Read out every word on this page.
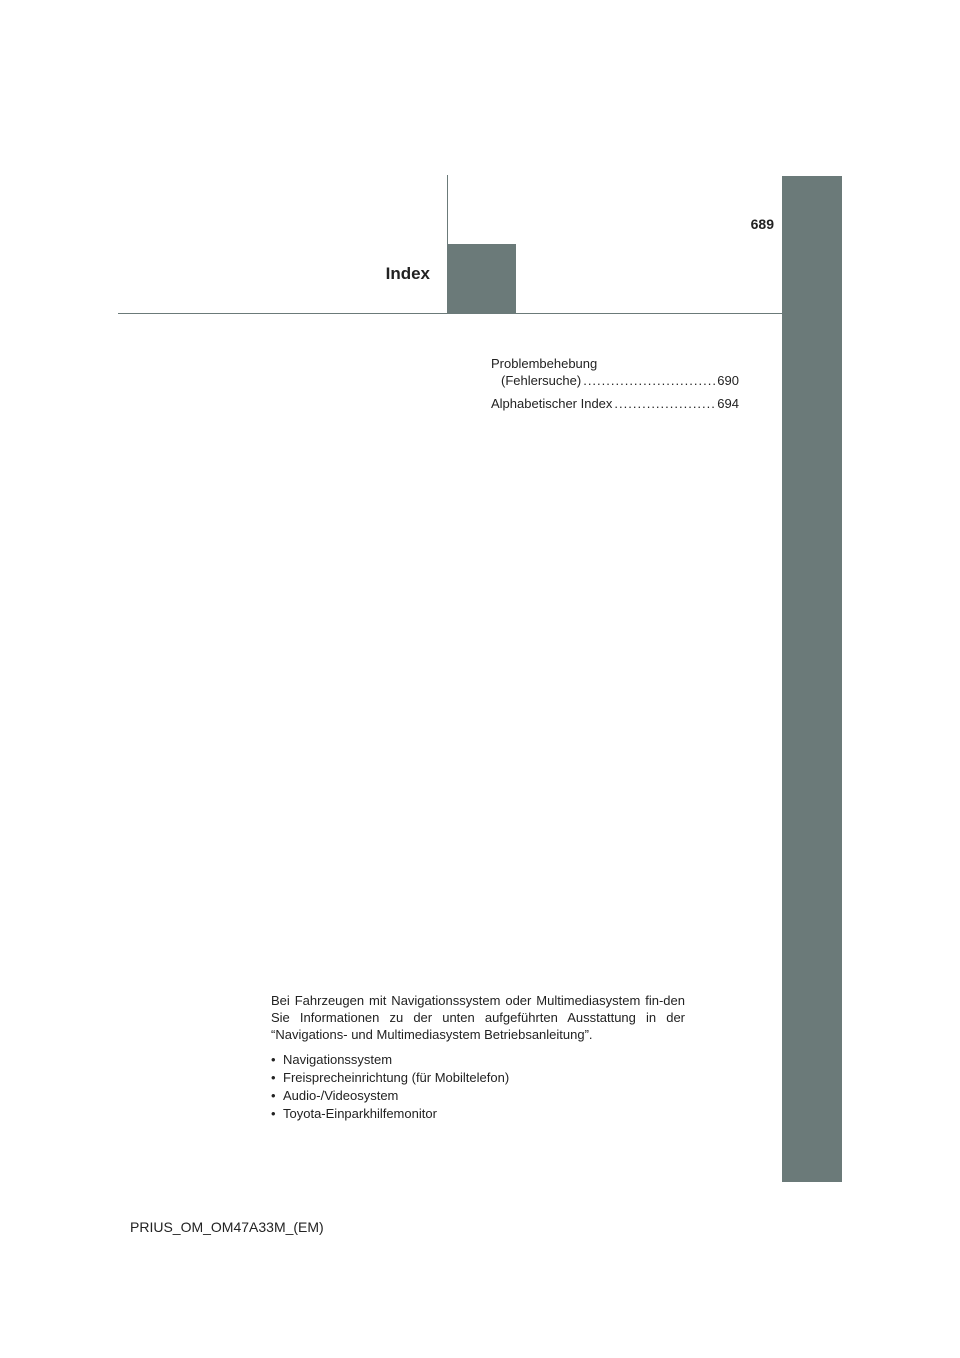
689
Index
Problembehebung
(Fehlersuche) .....	690
Alphabetischer Index .....	694

Bei Fahrzeugen mit Navigationssystem oder Multimediasystem fin-den Sie Informationen zu der unten aufgeführten Ausstattung in der “Navigations- und Multimediasystem Betriebsanleitung”.

• Navigationssystem
• Freisprecheinrichtung (für Mobiltelefon)
• Audio-/Videosystem
• Toyota-Einparkhilfemonitor
PRIUS_OM_OM47A33M_(EM)
